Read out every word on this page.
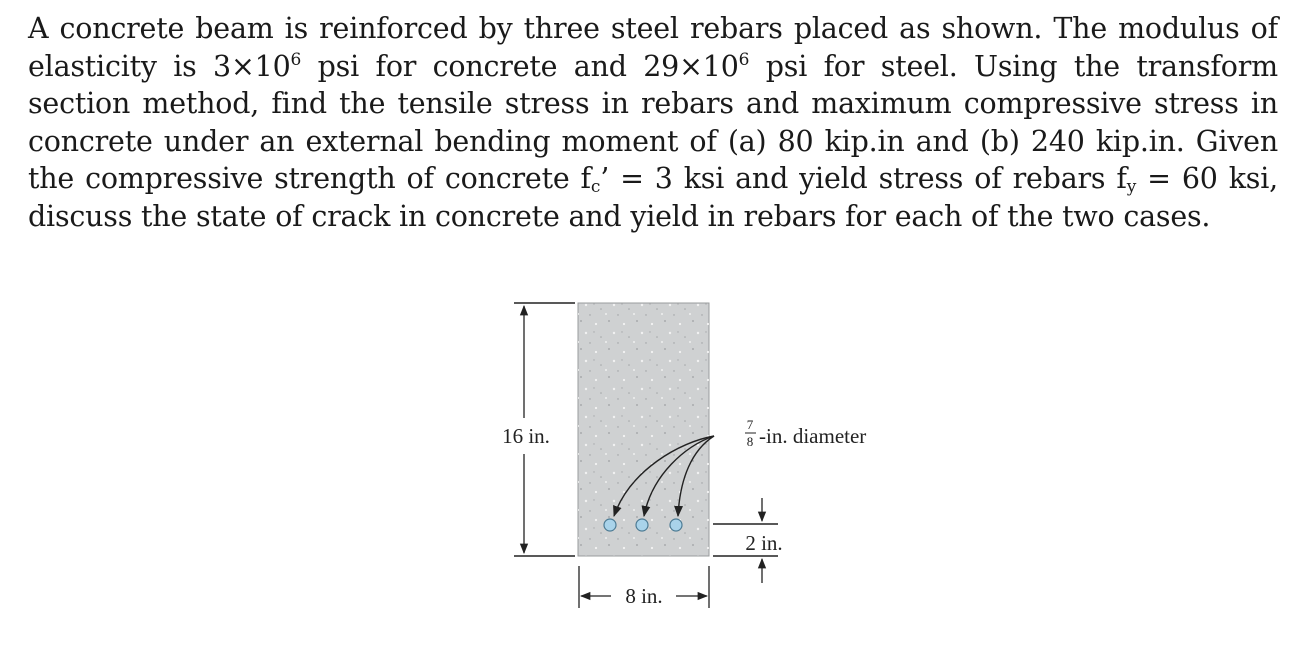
A concrete beam is reinforced by three steel rebars placed as shown. The modulus of elasticity is $3\times 10^6$ psi for concrete and $29\times 10^6$ psi for steel. Using the transform section method, find the tensile stress in rebars and maximum compressive stress in concrete under an external bending moment of (a) 80 kip.in and (b) 240 kip.in. Given the compressive strength of concrete $f_c$’ = 3 ksi and yield stress of rebars $f_y = 60$ ksi, discuss the state of crack in concrete and yield in rebars for each of the two cases.

16 in.
8 in.
2 in.
7
8 -in. diameter
